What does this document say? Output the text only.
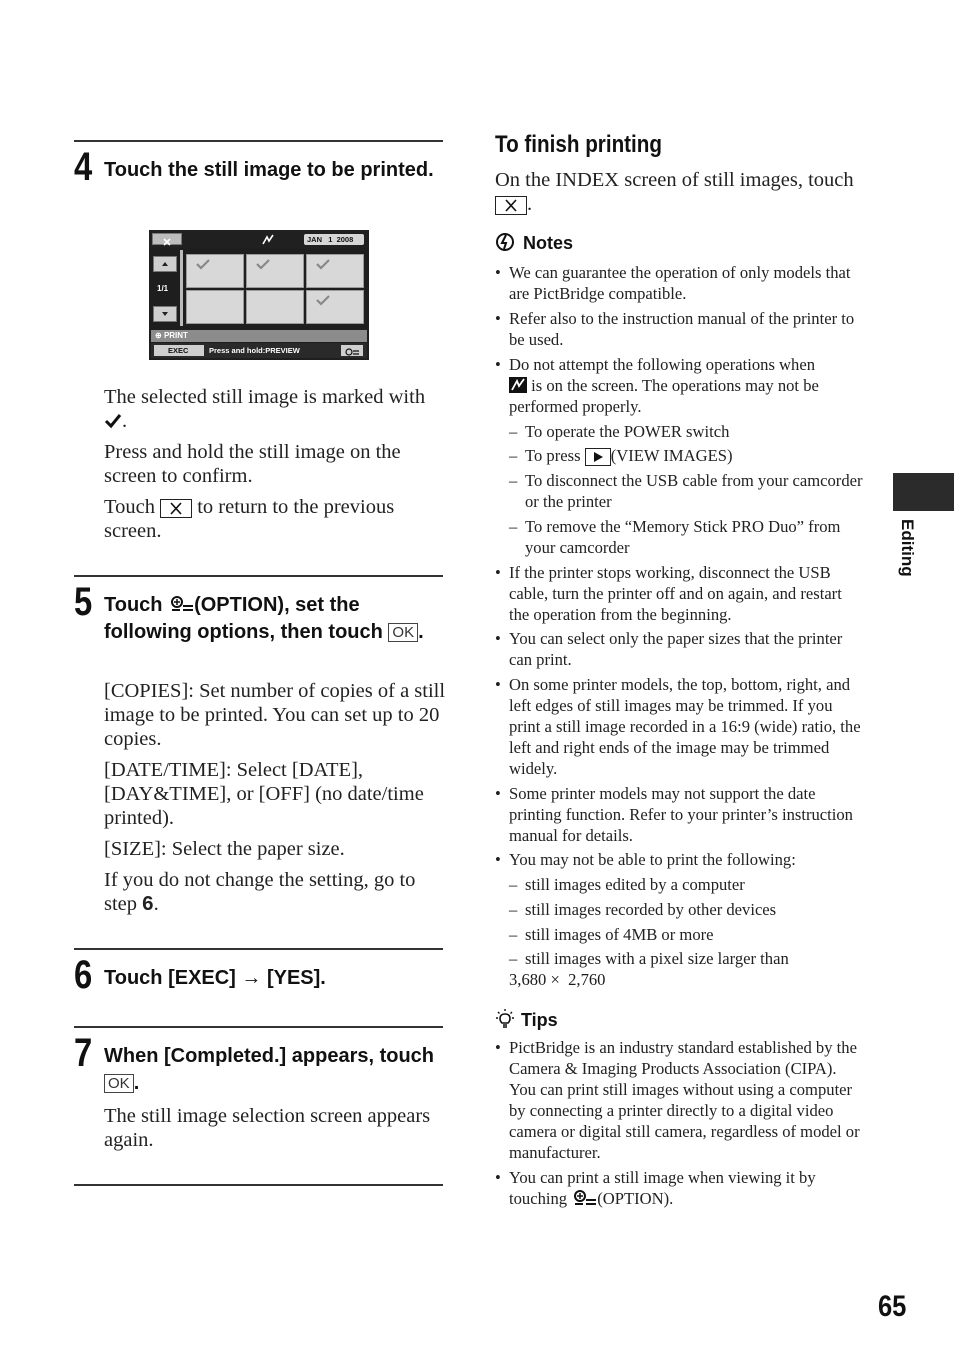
4 Touch the still image to be printed.
JAN   1  2008
1/1
⊕ PRINT
EXEC	Press and hold:PREVIEW
The selected still image is marked with
.
Press and hold the still image on the screen to confirm.
Touch to return to the previous screen.
5 Touch (OPTION), set the following options, then touch OK .
[COPIES]: Set number of copies of a still image to be printed. You can set up to 20 copies.
[DATE/TIME]: Select [DATE], [DAY&TIME], or [OFF] (no date/time printed).
[SIZE]: Select the paper size.
If you do not change the setting, go to step 6.
6 Touch [EXEC] → [YES].
7 When [Completed.] appears, touch OK .
The still image selection screen appears again.
To finish printing
On the INDEX screen of still images, touch

.
Notes
• We can guarantee the operation of only models that are PictBridge compatible.
• Refer also to the instruction manual of the printer to be used.
• Do not attempt the following operations when

is on the screen. The operations may not be performed properly.
– To operate the POWER switch
– To press (VIEW IMAGES)
– To disconnect the USB cable from your camcorder or the printer
– To remove the “Memory Stick PRO Duo” from your camcorder
• If the printer stops working, disconnect the USB cable, turn the printer off and on again, and restart the operation from the beginning.
• You can select only the paper sizes that the printer can print.
• On some printer models, the top, bottom, right, and left edges of still images may be trimmed. If you print a still image recorded in a 16:9 (wide) ratio, the left and right ends of the image may be trimmed widely.
• Some printer models may not support the date printing function. Refer to your printer’s instruction manual for details.
• You may not be able to print the following:
– still images edited by a computer
– still images recorded by other devices
– still images of 4MB or more
– still images with a pixel size larger than
3,680 ×  2,760
Tips
• PictBridge is an industry standard established by the Camera & Imaging Products Association (CIPA). You can print still images without using a computer by connecting a printer directly to a digital video camera or digital still camera, regardless of model or manufacturer.
• You can print a still image when viewing it by touching (OPTION).
Editing
65
